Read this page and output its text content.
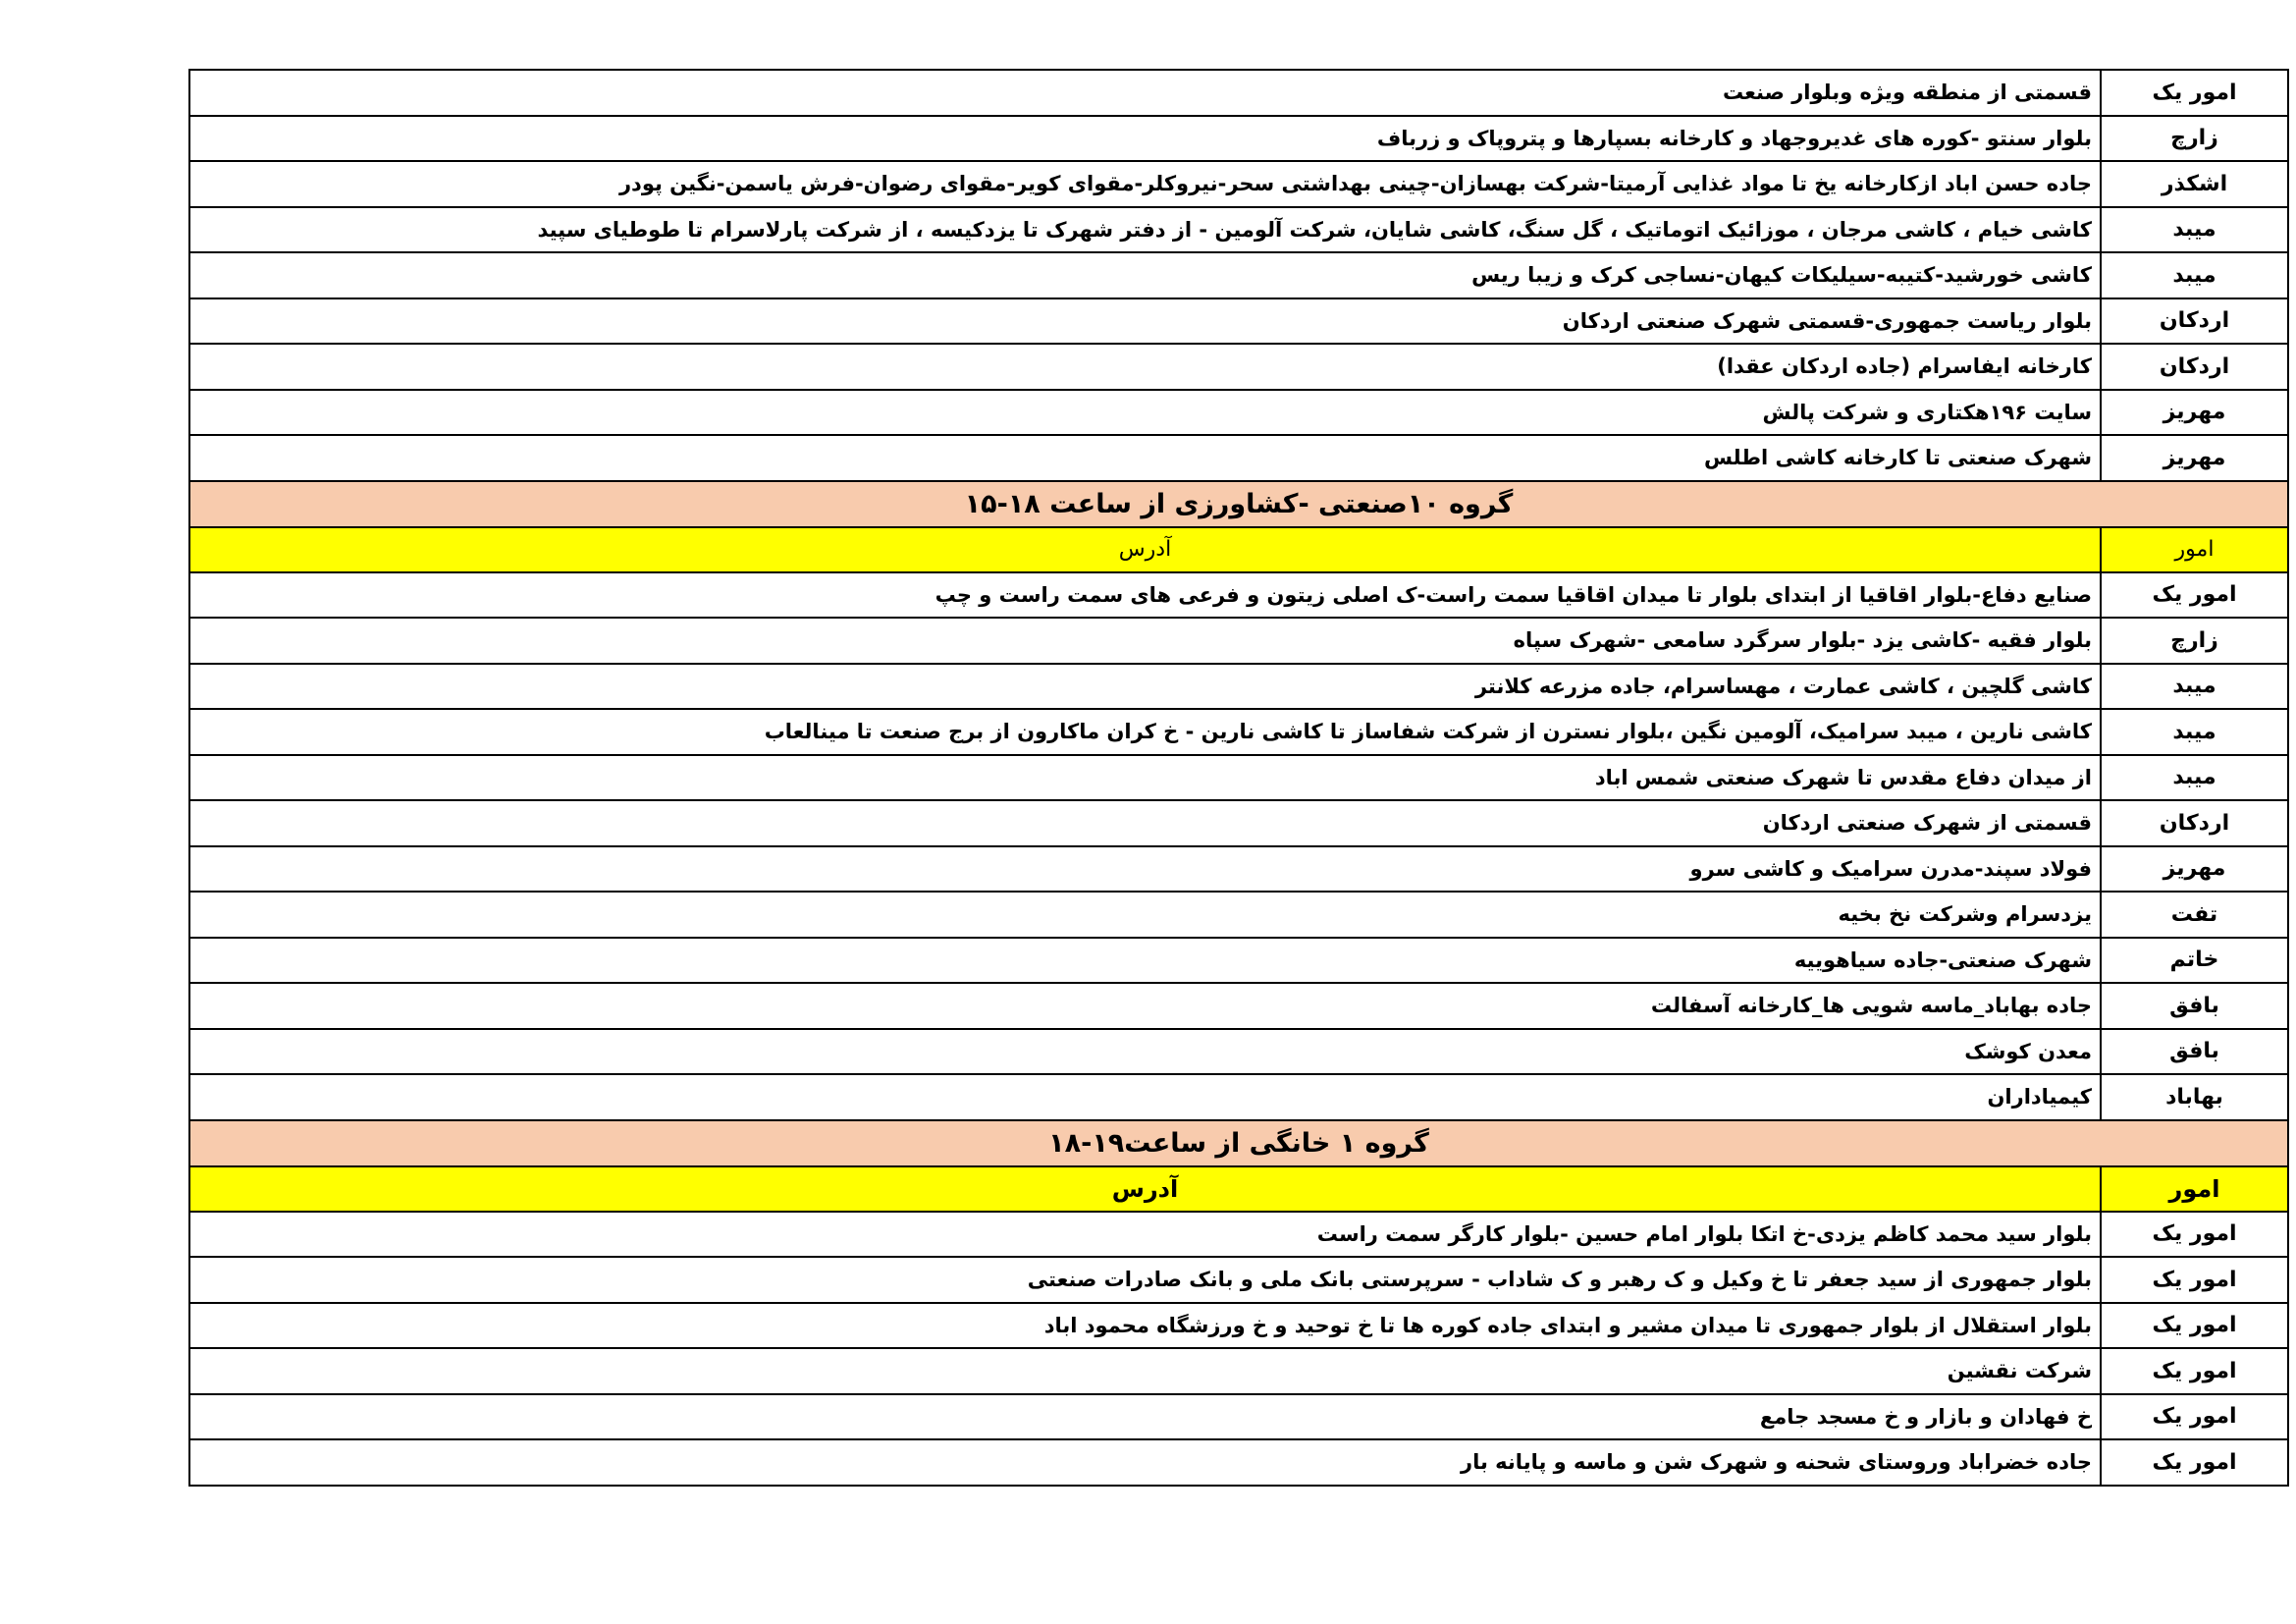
امور یک	قسمتی از منطقه ویژه وبلوار صنعت
زارچ	بلوار سنتو -کوره های غدیروجهاد و کارخانه بسپارها و پتروپاک و زرباف
اشکذر	جاده حسن اباد ازکارخانه یخ تا مواد غذایی آرمیتا-شرکت بهسازان-چینی بهداشتی سحر-نیروکلر-مقوای کویر-مقوای رضوان-فرش یاسمن-نگین پودر
میبد	کاشی خیام ، کاشی مرجان ، موزائیک اتوماتیک ، گل سنگ، کاشی شایان، شرکت آلومین - از دفتر شهرک تا یزدکیسه ، از شرکت پارلاسرام تا طوطیای سپید
میبد	کاشی خورشید-کتیبه-سیلیکات کیهان-نساجی کرک و زیبا ریس
اردکان	بلوار ریاست جمهوری-قسمتی شهرک صنعتی اردکان
اردکان	کارخانه ایفاسرام (جاده اردکان عقدا)
مهریز	سایت ۱۹۶هکتاری و شرکت پالش
مهریز	شهرک صنعتی تا کارخانه کاشی اطلس
گروه ۱۰صنعتی -کشاورزی از ساعت ۱۸-۱۵	
امور	آدرس
امور یک	صنایع دفاع-بلوار اقاقیا از ابتدای بلوار تا میدان اقاقیا سمت راست-ک اصلی زیتون و فرعی های سمت راست و چپ
زارچ	بلوار فقیه -کاشی یزد -بلوار سرگرد سامعی -شهرک سپاه
میبد	کاشی گلچین ، کاشی عمارت ، مهساسرام، جاده مزرعه کلانتر
میبد	کاشی نارین ، میبد سرامیک، آلومین نگین ،بلوار نسترن از شرکت شفاساز تا کاشی نارین - خ کران ماکارون از برج صنعت تا مینالعاب
میبد	از میدان دفاع مقدس تا شهرک صنعتی شمس اباد
اردکان	قسمتی از شهرک صنعتی اردکان
مهریز	فولاد سپند-مدرن سرامیک و کاشی سرو
تفت	یزدسرام وشرکت نخ بخیه
خاتم	شهرک صنعتی-جاده سیاهوییه
بافق	جاده بهاباد_ماسه شویی ها_کارخانه آسفالت
بافق	معدن کوشک
بهاباد	کیمیاداران
گروه ۱ خانگی از ساعت۱۹-۱۸	
امور	آدرس
امور یک	بلوار سید محمد کاظم یزدی-خ اتکا بلوار امام حسین -بلوار کارگر سمت راست
امور یک	بلوار جمهوری از سید جعفر تا خ وکیل و ک رهبر و ک شاداب - سرپرستی بانک ملی و بانک صادرات صنعتی
امور یک	بلوار استقلال از بلوار جمهوری تا میدان مشیر و ابتدای جاده کوره ها تا خ توحید و خ ورزشگاه محمود اباد
امور یک	شرکت نقشین
امور یک	خ فهادان و بازار و خ مسجد جامع
امور یک	جاده خضراباد وروستای شحنه و شهرک شن و ماسه و پایانه بار
